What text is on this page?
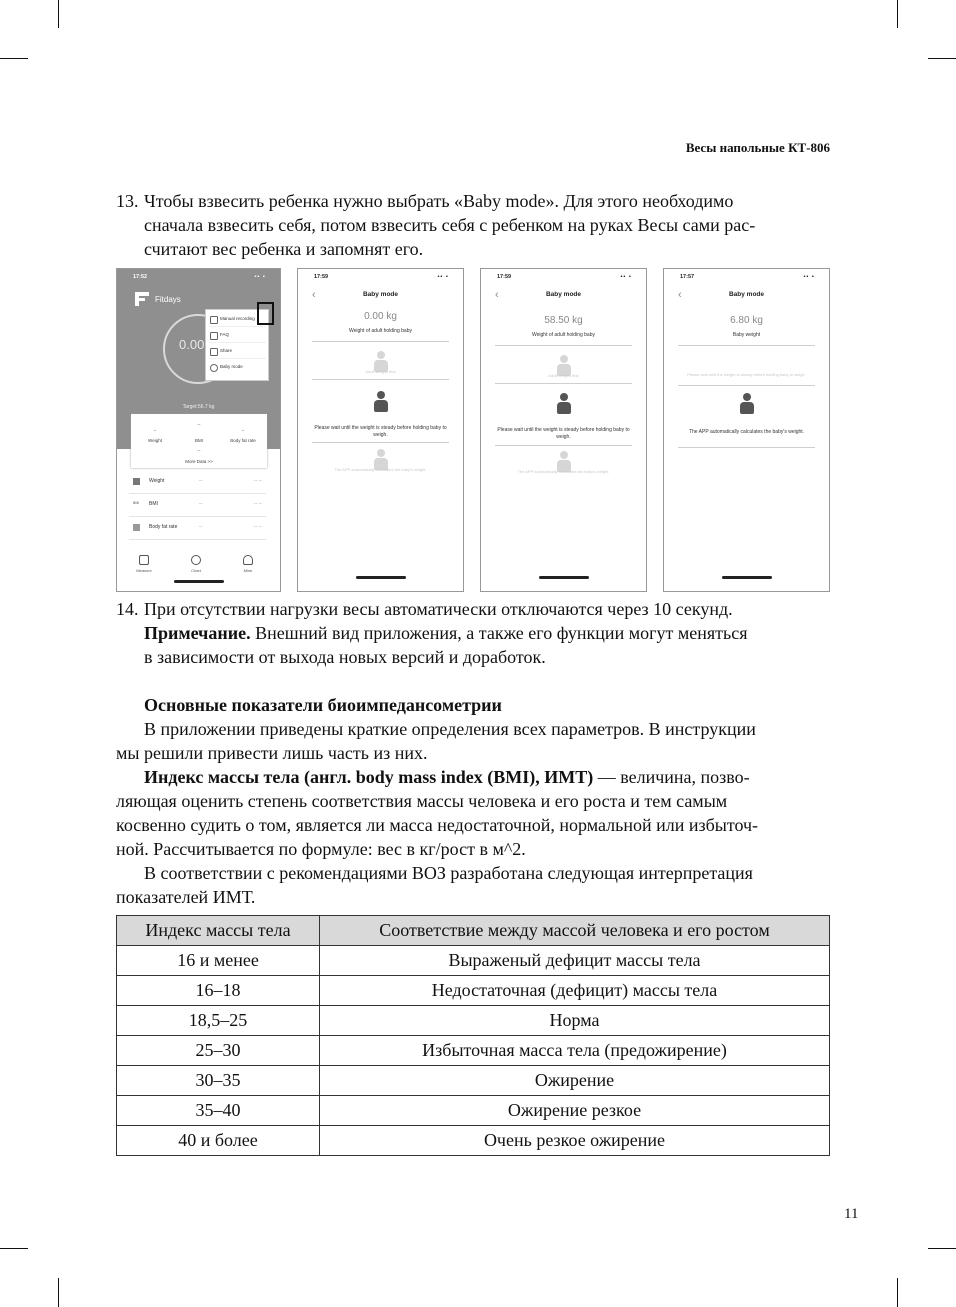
Весы напольные КТ-806
13. Чтобы взвесить ребенка нужно выбрать «Baby mode». Для этого необходимо
сначала взвесить себя, потом взвесить себя с ребенком на руках Весы сами рас-
считают вес ребенка и запомнят его.
17:52	▪▪ ▪
Fitdays
0.00
Target:56.7 kg
Manual recording
FAQ
Share
Baby mode
--
--
--
Weight	BMI	Body fat rate
--
More Data >>
Weight	--	-- --
BMI BMI	--	-- --
Body fat rate	--	-- --
Measure	Chart	Mine
17:59	▪▪ ▪
‹	Baby mode
0.00 kg
Weight of adult holding baby
Adult weighs first
Please wait until the weight is steady before holding baby to weigh.
The APP automatically calculates the baby's weight.
17:59	▪▪ ▪
‹	Baby mode
58.50 kg
Weight of adult holding baby
Adult weighs first
Please wait until the weight is steady before holding baby to weigh.
The APP automatically calculates the baby's weight.
17:57	▪▪ ▪
‹	Baby mode
6.80 kg
Baby weight
Please wait until the weight is steady before holding baby to weigh.
The APP automatically calculates the baby's weight.
14. При отсутствии нагрузки весы автоматически отключаются через 10 секунд.
Примечание. Внешний вид приложения, а также его функции могут меняться
в зависимости от выхода новых версий и доработок.
Основные показатели биоимпедансометрии
В приложении приведены краткие определения всех параметров. В инструкции
мы решили привести лишь часть из них.
Индекс массы тела (англ. body mass index (BMI), ИМТ) — величина, позво-
ляющая оценить степень соответствия массы человека и его роста и тем самым
косвенно судить о том, является ли масса недостаточной, нормальной или избыточ-
ной. Рассчитывается по формуле: вес в кг/рост в м^2.
В соответствии с рекомендациями ВОЗ разработана следующая интерпретация
показателей ИМТ.
Индекс массы тела	Соответствие между массой человека и его ростом
16 и менее	Выраженый дефицит массы тела
16–18	Недостаточная (дефицит) массы тела
18,5–25	Норма
25–30	Избыточная масса тела (предожирение)
30–35	Ожирение
35–40	Ожирение резкое
40 и более	Очень резкое ожирение
11
